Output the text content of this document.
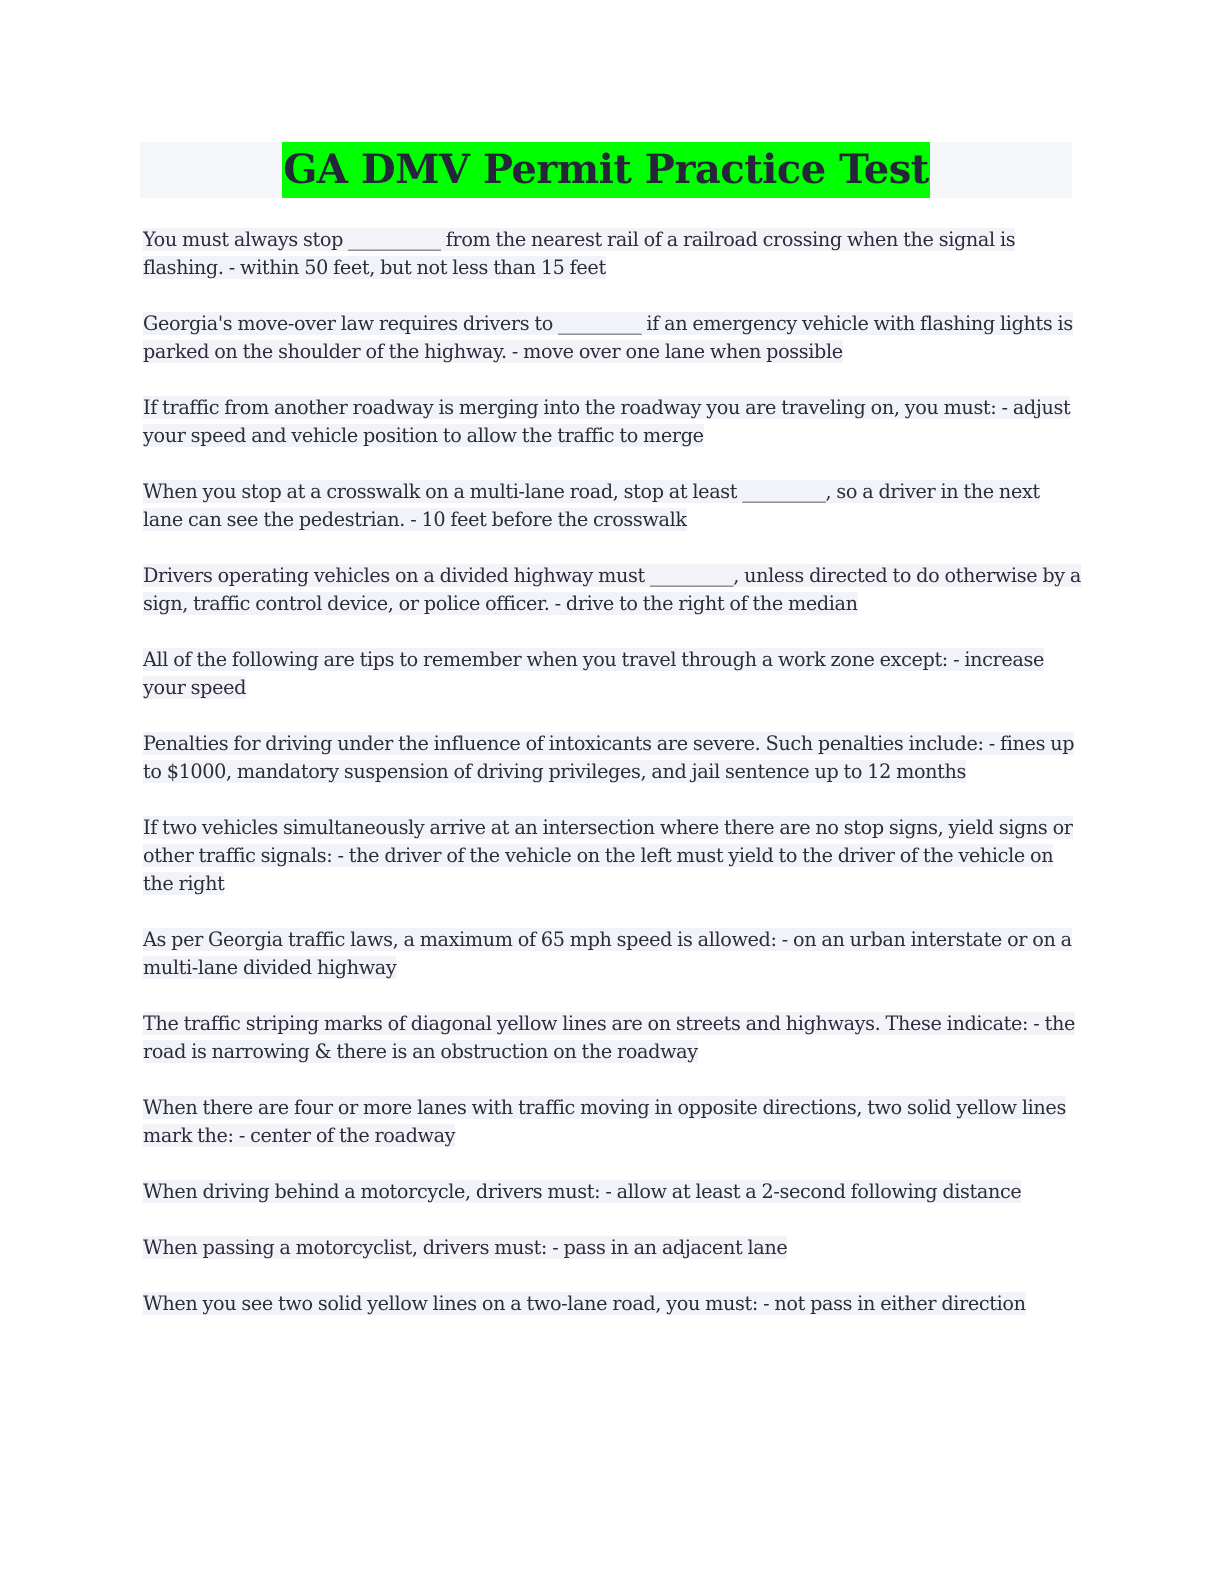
GA DMV Permit Practice Test

You must always stop __________ from the nearest rail of a railroad crossing when the signal is flashing. - within 50 feet, but not less than 15 feet

Georgia's move-over law requires drivers to _________ if an emergency vehicle with flashing lights is parked on the shoulder of the highway. - move over one lane when possible

If traffic from another roadway is merging into the roadway you are traveling on, you must: - adjust your speed and vehicle position to allow the traffic to merge

When you stop at a crosswalk on a multi-lane road, stop at least _________, so a driver in the next lane can see the pedestrian. - 10 feet before the crosswalk

Drivers operating vehicles on a divided highway must _________, unless directed to do otherwise by a sign, traffic control device, or police officer. - drive to the right of the median

All of the following are tips to remember when you travel through a work zone except: - increase your speed

Penalties for driving under the influence of intoxicants are severe. Such penalties include: - fines up to $1000, mandatory suspension of driving privileges, and jail sentence up to 12 months

If two vehicles simultaneously arrive at an intersection where there are no stop signs, yield signs or other traffic signals: - the driver of the vehicle on the left must yield to the driver of the vehicle on the right

As per Georgia traffic laws, a maximum of 65 mph speed is allowed: - on an urban interstate or on a multi-lane divided highway

The traffic striping marks of diagonal yellow lines are on streets and highways. These indicate: - the road is narrowing & there is an obstruction on the roadway

When there are four or more lanes with traffic moving in opposite directions, two solid yellow lines mark the: - center of the roadway

When driving behind a motorcycle, drivers must: - allow at least a 2-second following distance

When passing a motorcyclist, drivers must: - pass in an adjacent lane

When you see two solid yellow lines on a two-lane road, you must: - not pass in either direction
